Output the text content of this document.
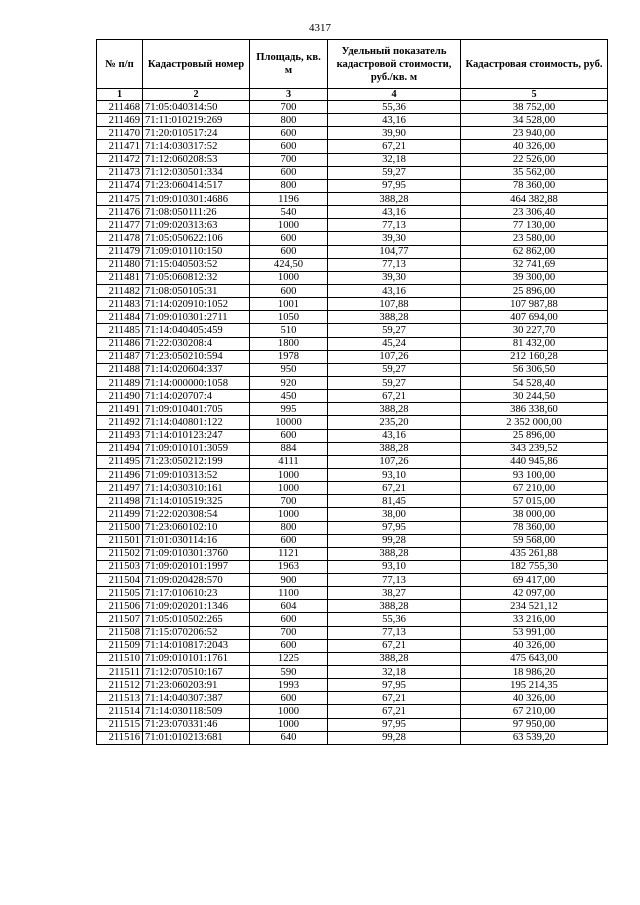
4317
№ п/п	Кадастровый номер	Площадь, кв. м	Удельный показатель кадастровой стоимости, руб./кв. м	Кадастровая стоимость, руб.
1	2	3	4	5
211468	71:05:040314:50	700	55,36	38 752,00
211469	71:11:010219:269	800	43,16	34 528,00
211470	71:20:010517:24	600	39,90	23 940,00
211471	71:14:030317:52	600	67,21	40 326,00
211472	71:12:060208:53	700	32,18	22 526,00
211473	71:12:030501:334	600	59,27	35 562,00
211474	71:23:060414:517	800	97,95	78 360,00
211475	71:09:010301:4686	1196	388,28	464 382,88
211476	71:08:050111:26	540	43,16	23 306,40
211477	71:09:020313:63	1000	77,13	77 130,00
211478	71:05:050622:106	600	39,30	23 580,00
211479	71:09:010110:150	600	104,77	62 862,00
211480	71:15:040503:52	424,50	77,13	32 741,69
211481	71:05:060812:32	1000	39,30	39 300,00
211482	71:08:050105:31	600	43,16	25 896,00
211483	71:14:020910:1052	1001	107,88	107 987,88
211484	71:09:010301:2711	1050	388,28	407 694,00
211485	71:14:040405:459	510	59,27	30 227,70
211486	71:22:030208:4	1800	45,24	81 432,00
211487	71:23:050210:594	1978	107,26	212 160,28
211488	71:14:020604:337	950	59,27	56 306,50
211489	71:14:000000:1058	920	59,27	54 528,40
211490	71:14:020707:4	450	67,21	30 244,50
211491	71:09:010401:705	995	388,28	386 338,60
211492	71:14:040801:122	10000	235,20	2 352 000,00
211493	71:14:010123:247	600	43,16	25 896,00
211494	71:09:010101:3059	884	388,28	343 239,52
211495	71:23:050212:199	4111	107,26	440 945,86
211496	71:09:010313:52	1000	93,10	93 100,00
211497	71:14:030310:161	1000	67,21	67 210,00
211498	71:14:010519:325	700	81,45	57 015,00
211499	71:22:020308:54	1000	38,00	38 000,00
211500	71:23:060102:10	800	97,95	78 360,00
211501	71:01:030114:16	600	99,28	59 568,00
211502	71:09:010301:3760	1121	388,28	435 261,88
211503	71:09:020101:1997	1963	93,10	182 755,30
211504	71:09:020428:570	900	77,13	69 417,00
211505	71:17:010610:23	1100	38,27	42 097,00
211506	71:09:020201:1346	604	388,28	234 521,12
211507	71:05:010502:265	600	55,36	33 216,00
211508	71:15:070206:52	700	77,13	53 991,00
211509	71:14:010817:2043	600	67,21	40 326,00
211510	71:09:010101:1761	1225	388,28	475 643,00
211511	71:12:070510:167	590	32,18	18 986,20
211512	71:23:060203:91	1993	97,95	195 214,35
211513	71:14:040307:387	600	67,21	40 326,00
211514	71:14:030118:509	1000	67,21	67 210,00
211515	71:23:070331:46	1000	97,95	97 950,00
211516	71:01:010213:681	640	99,28	63 539,20
